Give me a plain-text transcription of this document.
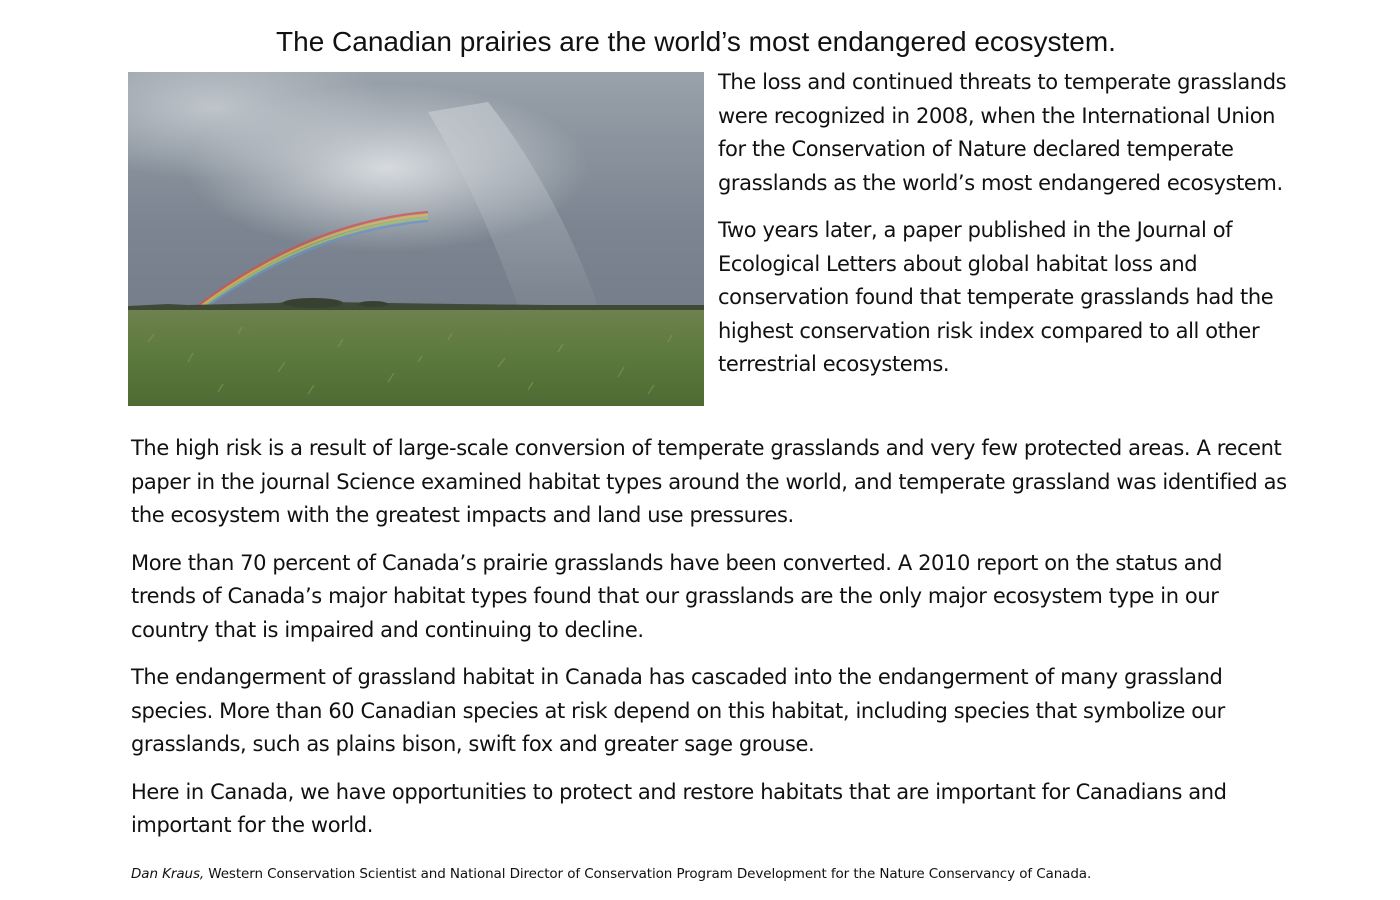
The Canadian prairies are the world’s most endangered ecosystem.

The loss and continued threats to temperate grasslands were recognized in 2008, when the International Union for the Conservation of Nature declared temperate grasslands as the world’s most endangered ecosystem.

Two years later, a paper published in the Journal of Ecological Letters about global habitat loss and conservation found that temperate grasslands had the highest conservation risk index compared to all other terrestrial ecosystems.

The high risk is a result of large-scale conversion of temperate grasslands and very few protected areas. A recent paper in the journal Science examined habitat types around the world, and temperate grassland was identified as the ecosystem with the greatest impacts and land use pressures.

More than 70 percent of Canada’s prairie grasslands have been converted. A 2010 report on the status and trends of Canada’s major habitat types found that our grasslands are the only major ecosystem type in our country that is impaired and continuing to decline.

The endangerment of grassland habitat in Canada has cascaded into the endangerment of many grassland species. More than 60 Canadian species at risk depend on this habitat, including species that symbolize our grasslands, such as plains bison, swift fox and greater sage grouse.

Here in Canada, we have opportunities to protect and restore habitats that are important for Canadians and important for the world.

Dan Kraus, Western Conservation Scientist and National Director of Conservation Program Development for the Nature Conservancy of Canada.
